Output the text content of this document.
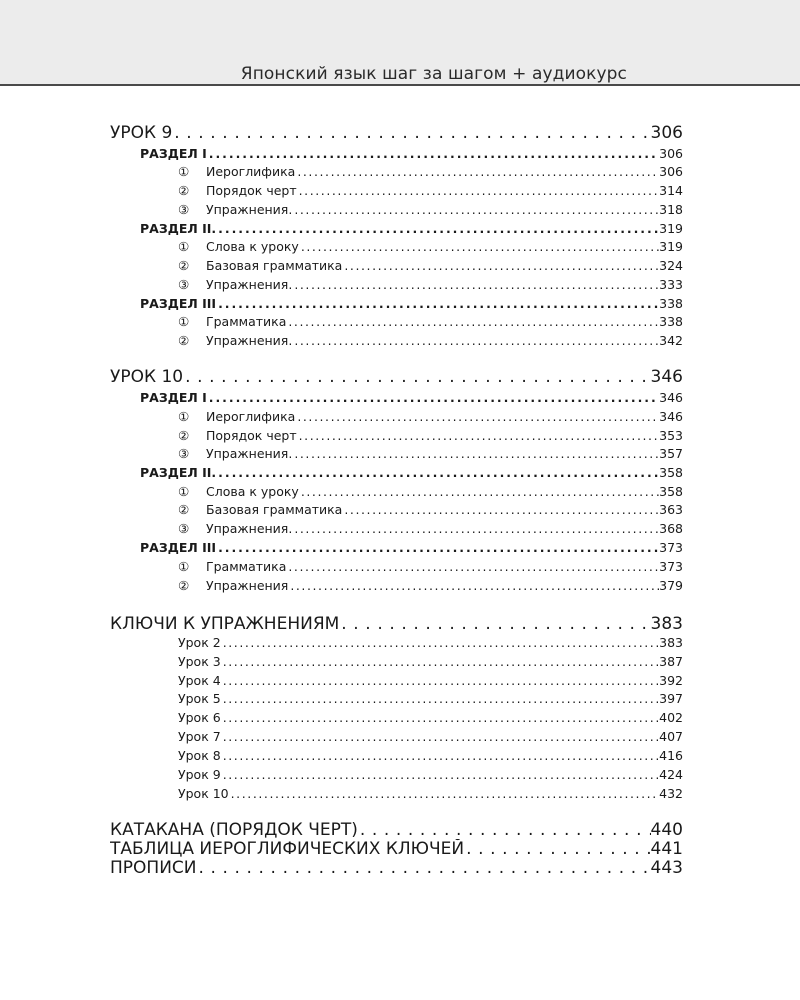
Японский язык шаг за шагом + аудиокурс
УРОК 9 . . .	306
РАЗДЕЛ I . . .	306
① Иероглифика . . .	306
② Порядок черт . . .	314
③ Упражнения. . . .	318
РАЗДЕЛ II. . . .	319
① Слова к уроку . . .	319
② Базовая грамматика . . .	324
③ Упражнения. . . .	333
РАЗДЕЛ III . . .	338
① Грамматика . . .	338
② Упражнения. . . .	342
УРОК 10 . . .	346
РАЗДЕЛ I . . .	346
① Иероглифика . . .	346
② Порядок черт . . .	353
③ Упражнения. . . .	357
РАЗДЕЛ II. . . .	358
① Слова к уроку . . .	358
② Базовая грамматика . . .	363
③ Упражнения. . . .	368
РАЗДЕЛ III . . .	373
① Грамматика . . .	373
② Упражнения . . .	379
КЛЮЧИ К УПРАЖНЕНИЯМ . . .	383
Урок 2 . . .	383
Урок 3 . . .	387
Урок 4 . . .	392
Урок 5 . . .	397
Урок 6 . . .	402
Урок 7 . . .	407
Урок 8 . . .	416
Урок 9 . . .	424
Урок 10 . . .	432
КАТАКАНА (ПОРЯДОК ЧЕРТ) . . .	440
ТАБЛИЦА ИЕРОГЛИФИЧЕСКИХ КЛЮЧЕЙ . . .	441
ПРОПИСИ . . .	443
